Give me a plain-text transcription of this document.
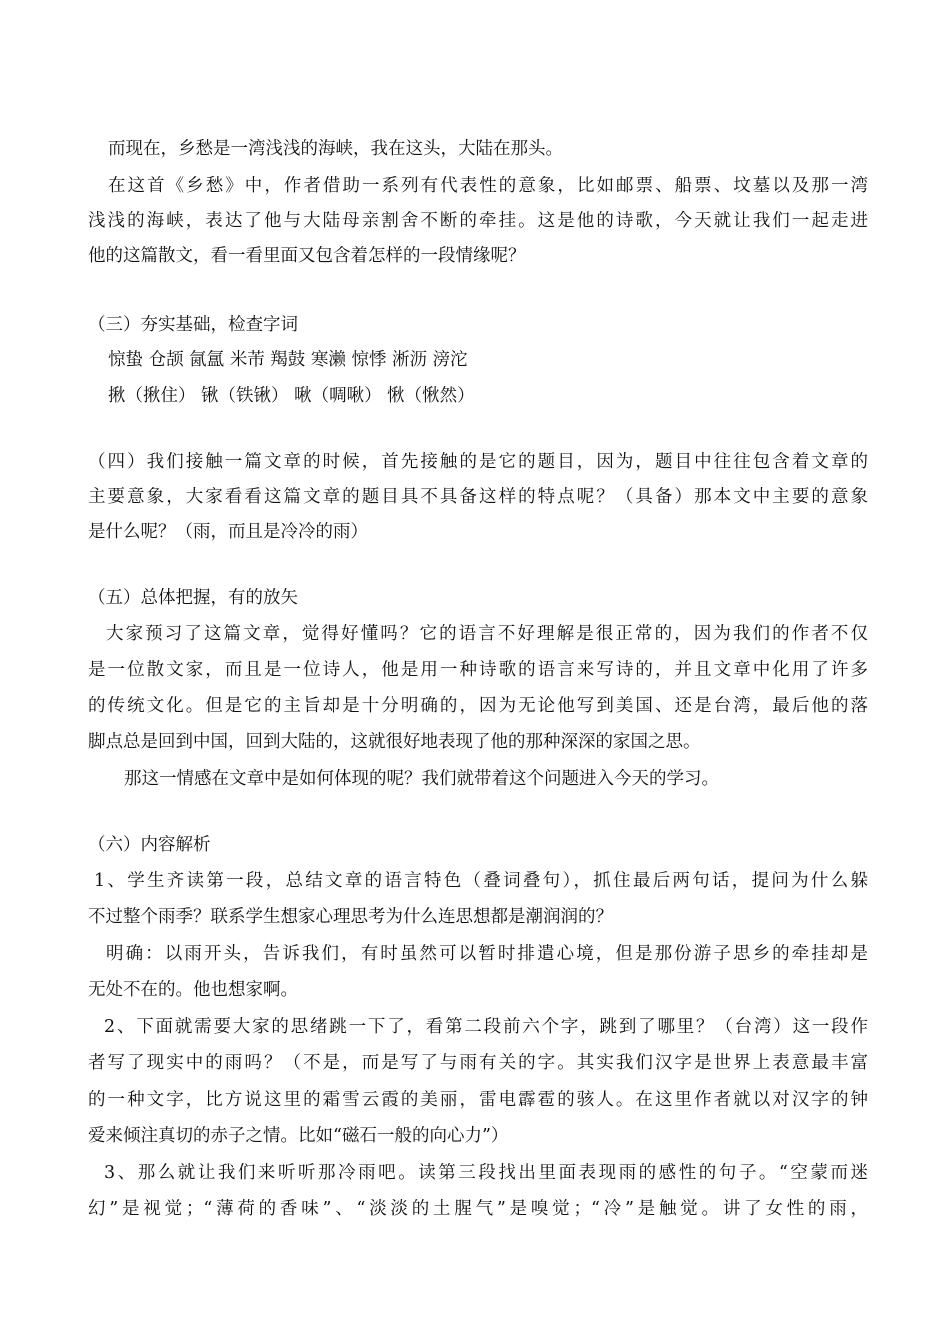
而现在，乡愁是一湾浅浅的海峡，我在这头，大陆在那头。
在这首《乡愁》中，作者借助一系列有代表性的意象，比如邮票、船票、坟墓以及那一湾
浅浅的海峡，表达了他与大陆母亲割舍不断的牵挂。这是他的诗歌，今天就让我们一起走进
他的这篇散文，看一看里面又包含着怎样的一段情缘呢？
（三）夯实基础，检查字词
惊蛰 仓颉 氤氲 米芾 羯鼓 寒濑 惊悸 淅沥 滂沱
揪（揪住） 锹（铁锹） 啾（啁啾） 愀（愀然）
（四）我们接触一篇文章的时候，首先接触的是它的题目，因为，题目中往往包含着文章的
主要意象，大家看看这篇文章的题目具不具备这样的特点呢？（具备）那本文中主要的意象
是什么呢？（雨，而且是冷冷的雨）
（五）总体把握，有的放矢
大家预习了这篇文章，觉得好懂吗？它的语言不好理解是很正常的，因为我们的作者不仅
是一位散文家，而且是一位诗人，他是用一种诗歌的语言来写诗的，并且文章中化用了许多
的传统文化。但是它的主旨却是十分明确的，因为无论他写到美国、还是台湾，最后他的落
脚点总是回到中国，回到大陆的，这就很好地表现了他的那种深深的家国之思。
那这一情感在文章中是如何体现的呢？我们就带着这个问题进入今天的学习。
（六）内容解析
1、学生齐读第一段，总结文章的语言特色（叠词叠句），抓住最后两句话，提问为什么躲
不过整个雨季？联系学生想家心理思考为什么连思想都是潮润润的？
明确：以雨开头，告诉我们，有时虽然可以暂时排遣心境，但是那份游子思乡的牵挂却是
无处不在的。他也想家啊。
2、下面就需要大家的思绪跳一下了，看第二段前六个字，跳到了哪里？（台湾）这一段作
者写了现实中的雨吗？（不是，而是写了与雨有关的字。其实我们汉字是世界上表意最丰富
的一种文字，比方说这里的霜雪云霞的美丽，雷电霹雹的骇人。在这里作者就以对汉字的钟
爱来倾注真切的赤子之情。比如“磁石一般的向心力”）
3、那么就让我们来听听那冷雨吧。读第三段找出里面表现雨的感性的句子。“空蒙而迷
幻”是视觉；“薄荷的香味”、“淡淡的土腥气”是嗅觉；“冷”是触觉。讲了女性的雨，
